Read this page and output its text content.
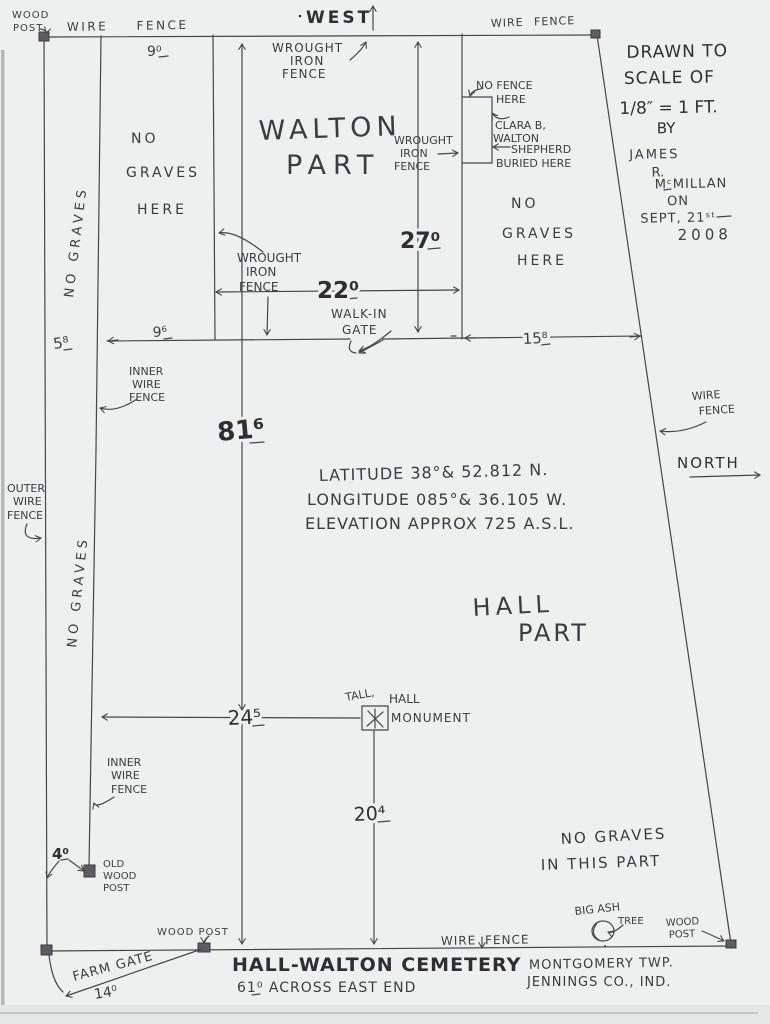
WOOD
POST WIRE FENCE	WEST
WROUGHT
IRON
FENCE
WIRE FENCE
DRAWN TO
SCALE OF
1/8″ = 1 FT.
BY
JAMES
R.
MᶜMILLAN
ON
SEPT, 21ˢᵗ
2008
9⁰
WALTON
PART
NO
GRAVES
HERE
NO FENCE
HERE
CLARA B,
WALTON
SHEPHERD
BURIED HERE
WROUGHT
IRON
FENCE
NO
GRAVES
HERE
27⁰
WROUGHT
IRON
FENCE 22⁰
WALK-IN
GATE
9⁶
5⁸	15⁸
INNER
WIRE
FENCE
NO GRAVES
81⁶
LATITUDE 38°& 52.812 N.
LONGITUDE 085°& 36.105 W.
ELEVATION APPROX 725 A.S.L.
OUTER
WIRE
FENCE
NO GRAVES
WIRE
FENCE
NORTH
HALL
PART
TALL, HALL
MONUMENT
24⁵
INNER
WIRE
FENCE
20⁴
NO GRAVES
IN THIS PART
4⁰
OLD
WOOD
POST
BIG ASH
TREE WOOD
POST
WIRE FENCE
WOOD POST
HALL-WALTON CEMETERY
61⁰ ACROSS EAST END
MONTGOMERY TWP.
JENNINGS CO., IND.
FARM GATE
14⁰
